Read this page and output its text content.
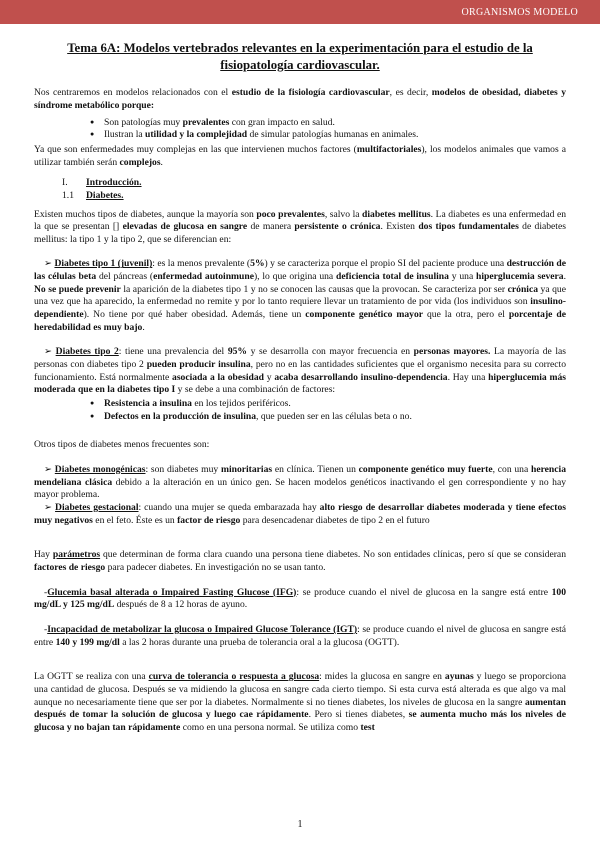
ORGANISMOS MODELO
Tema 6A: Modelos vertebrados relevantes en la experimentación para el estudio de la fisiopatología cardiovascular.

Nos centraremos en modelos relacionados con el estudio de la fisiología cardiovascular, es decir, modelos de obesidad, diabetes y síndrome metabólico porque:

● Son patologías muy prevalentes con gran impacto en salud.
● Ilustran la utilidad y la complejidad de simular patologías humanas en animales.

Ya que son enfermedades muy complejas en las que intervienen muchos factores (multifactoriales), los modelos animales que vamos a utilizar también serán complejos.

I. Introducción.
1.1 Diabetes.

Existen muchos tipos de diabetes, aunque la mayoría son poco prevalentes, salvo la diabetes mellitus. La diabetes es una enfermedad en la que se presentan [] elevadas de glucosa en sangre de manera persistente o crónica. Existen dos tipos fundamentales de diabetes mellitus: la tipo 1 y la tipo 2, que se diferencian en:

➢ Diabetes tipo 1 (juvenil): es la menos prevalente (5%) y se caracteriza porque el propio SI del paciente produce una destrucción de las células beta del páncreas (enfermedad autoinmune), lo que origina una deficiencia total de insulina y una hiperglucemia severa. No se puede prevenir la aparición de la diabetes tipo 1 y no se conocen las causas que la provocan. Se caracteriza por ser crónica ya que una vez que ha aparecido, la enfermedad no remite y por lo tanto requiere llevar un tratamiento de por vida (los individuos son insulino-dependiente). No tiene por qué haber obesidad. Además, tiene un componente genético mayor que la otra, pero el porcentaje de heredabilidad es muy bajo.

➢ Diabetes tipo 2: tiene una prevalencia del 95% y se desarrolla con mayor frecuencia en personas mayores. La mayoría de las personas con diabetes tipo 2 pueden producir insulina, pero no en las cantidades suficientes que el organismo necesita para su correcto funcionamiento. Está normalmente asociada a la obesidad y acaba desarrollando insulino-dependencia. Hay una hiperglucemia más moderada que en la diabetes tipo I y se debe a una combinación de factores:

● Resistencia a insulina en los tejidos periféricos.
● Defectos en la producción de insulina, que pueden ser en las células beta o no.

Otros tipos de diabetes menos frecuentes son:

➢ Diabetes monogénicas: son diabetes muy minoritarias en clínica. Tienen un componente genético muy fuerte, con una herencia mendeliana clásica debido a la alteración en un único gen. Se hacen modelos genéticos inactivando el gen correspondiente y no hay mayor problema.

➢ Diabetes gestacional: cuando una mujer se queda embarazada hay alto riesgo de desarrollar diabetes moderada y tiene efectos muy negativos en el feto. Éste es un factor de riesgo para desencadenar diabetes de tipo 2 en el futuro

Hay parámetros que determinan de forma clara cuando una persona tiene diabetes. No son entidades clínicas, pero sí que se consideran factores de riesgo para padecer diabetes. En investigación no se usan tanto.

-Glucemia basal alterada o Impaired Fasting Glucose (IFG): se produce cuando el nivel de glucosa en la sangre está entre 100 mg/dL y 125 mg/dL después de 8 a 12 horas de ayuno.

-Incapacidad de metabolizar la glucosa o Impaired Glucose Tolerance (IGT): se produce cuando el nivel de glucosa en sangre está entre 140 y 199 mg/dl a las 2 horas durante una prueba de tolerancia oral a la glucosa (OGTT).

La OGTT se realiza con una curva de tolerancia o respuesta a glucosa: mides la glucosa en sangre en ayunas y luego se proporciona una cantidad de glucosa. Después se va midiendo la glucosa en sangre cada cierto tiempo. Si esta curva está alterada es que algo va mal aunque no necesariamente tiene que ser por la diabetes. Normalmente si no tienes diabetes, los niveles de glucosa en la sangre aumentan después de tomar la solución de glucosa y luego cae rápidamente. Pero si tienes diabetes, se aumenta mucho más los niveles de glucosa y no bajan tan rápidamente como en una persona normal. Se utiliza como test

1
